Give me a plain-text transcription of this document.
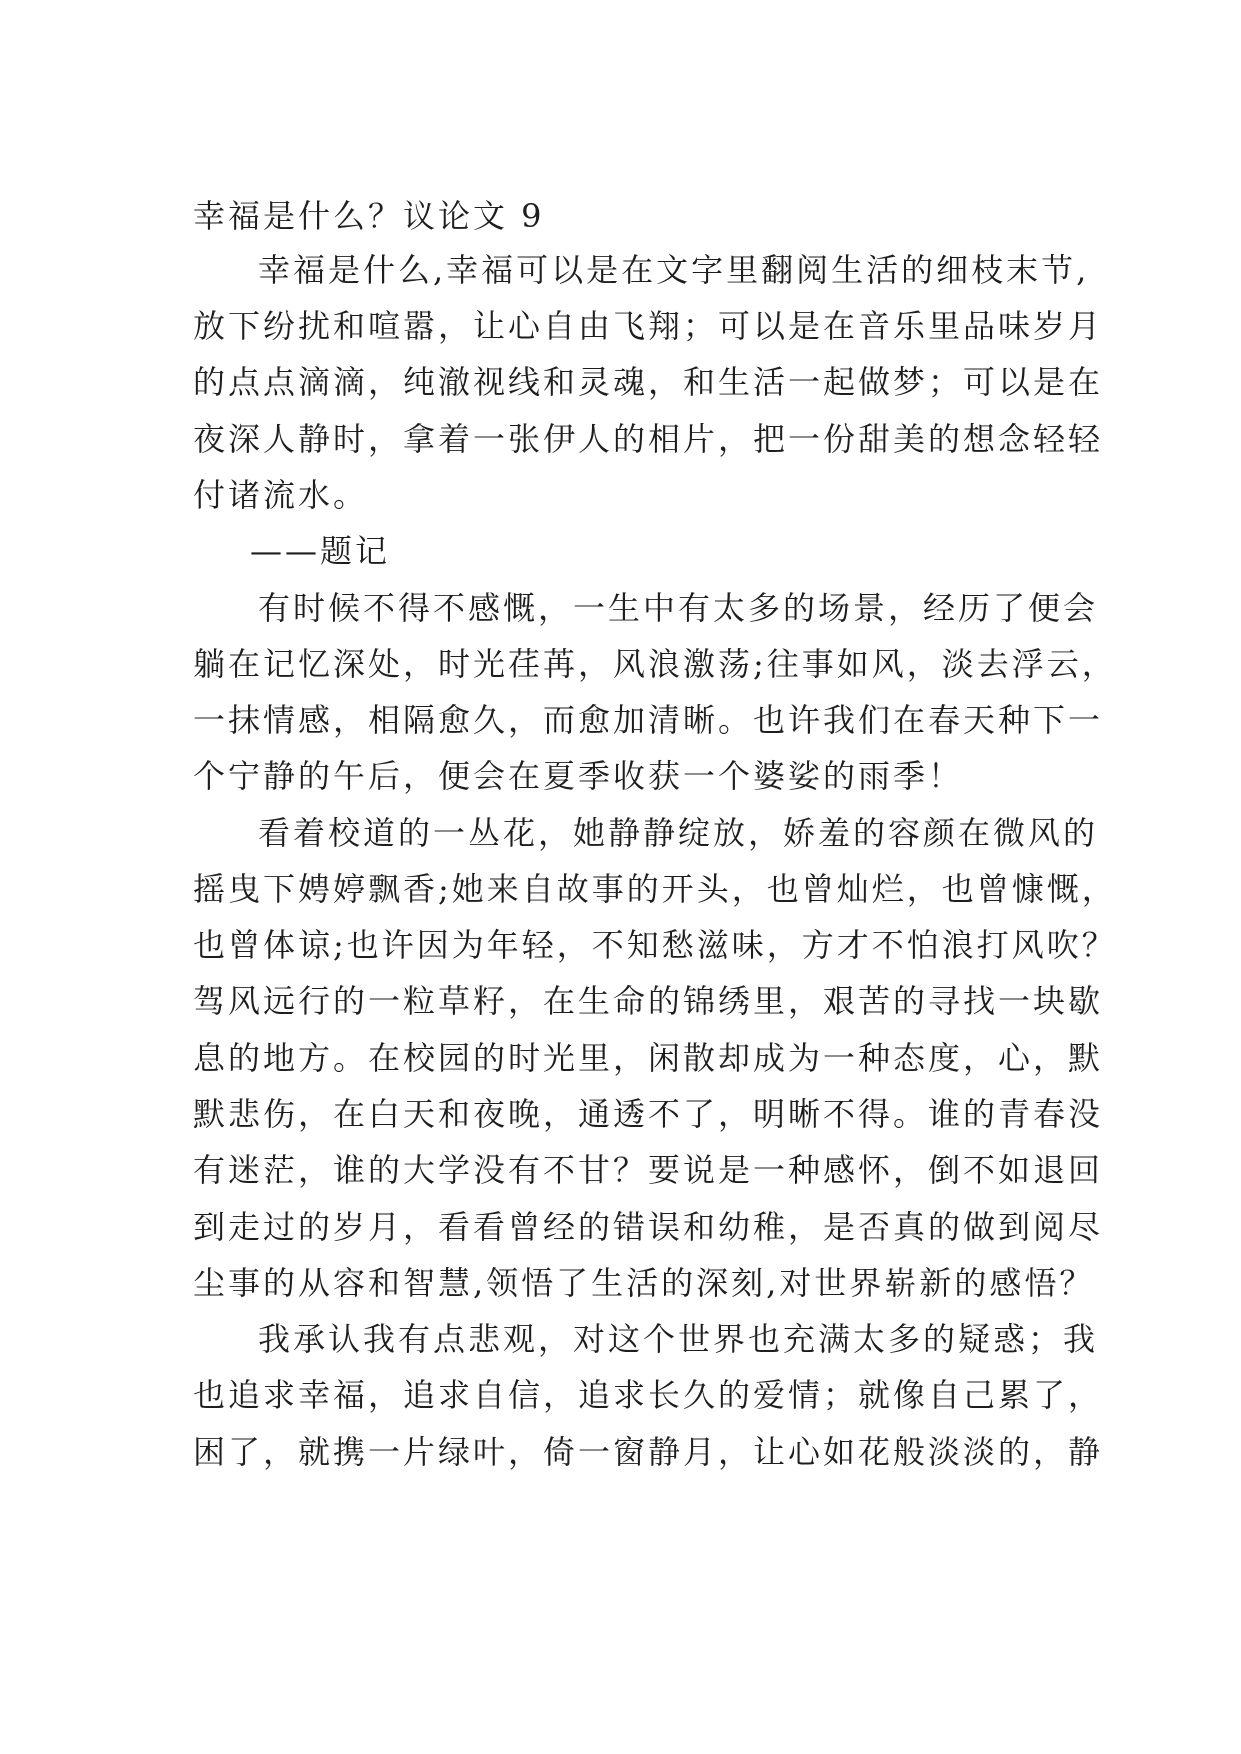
幸福是什么？议论文 9
幸福是什么,幸福可以是在文字里翻阅生活的细枝末节,
放下纷扰和喧嚣，让心自由飞翔；可以是在音乐里品味岁月
的点点滴滴，纯澈视线和灵魂，和生活一起做梦；可以是在
夜深人静时，拿着一张伊人的相片，把一份甜美的想念轻轻
付诸流水。
——题记
有时候不得不感慨，一生中有太多的场景，经历了便会
躺在记忆深处，时光荏苒，风浪激荡;往事如风，淡去浮云，
一抹情感，相隔愈久，而愈加清晰。也许我们在春天种下一
个宁静的午后，便会在夏季收获一个婆娑的雨季！
看着校道的一丛花，她静静绽放，娇羞的容颜在微风的
摇曳下娉婷飘香;她来自故事的开头，也曾灿烂，也曾慷慨，
也曾体谅;也许因为年轻，不知愁滋味，方才不怕浪打风吹？
驾风远行的一粒草籽，在生命的锦绣里，艰苦的寻找一块歇
息的地方。在校园的时光里，闲散却成为一种态度，心，默
默悲伤，在白天和夜晚，通透不了，明晰不得。谁的青春没
有迷茫，谁的大学没有不甘？要说是一种感怀，倒不如退回
到走过的岁月，看看曾经的错误和幼稚，是否真的做到阅尽
尘事的从容和智慧,领悟了生活的深刻,对世界崭新的感悟？
我承认我有点悲观，对这个世界也充满太多的疑惑；我
也追求幸福，追求自信，追求长久的爱情；就像自己累了，
困了，就携一片绿叶，倚一窗静月，让心如花般淡淡的，静
